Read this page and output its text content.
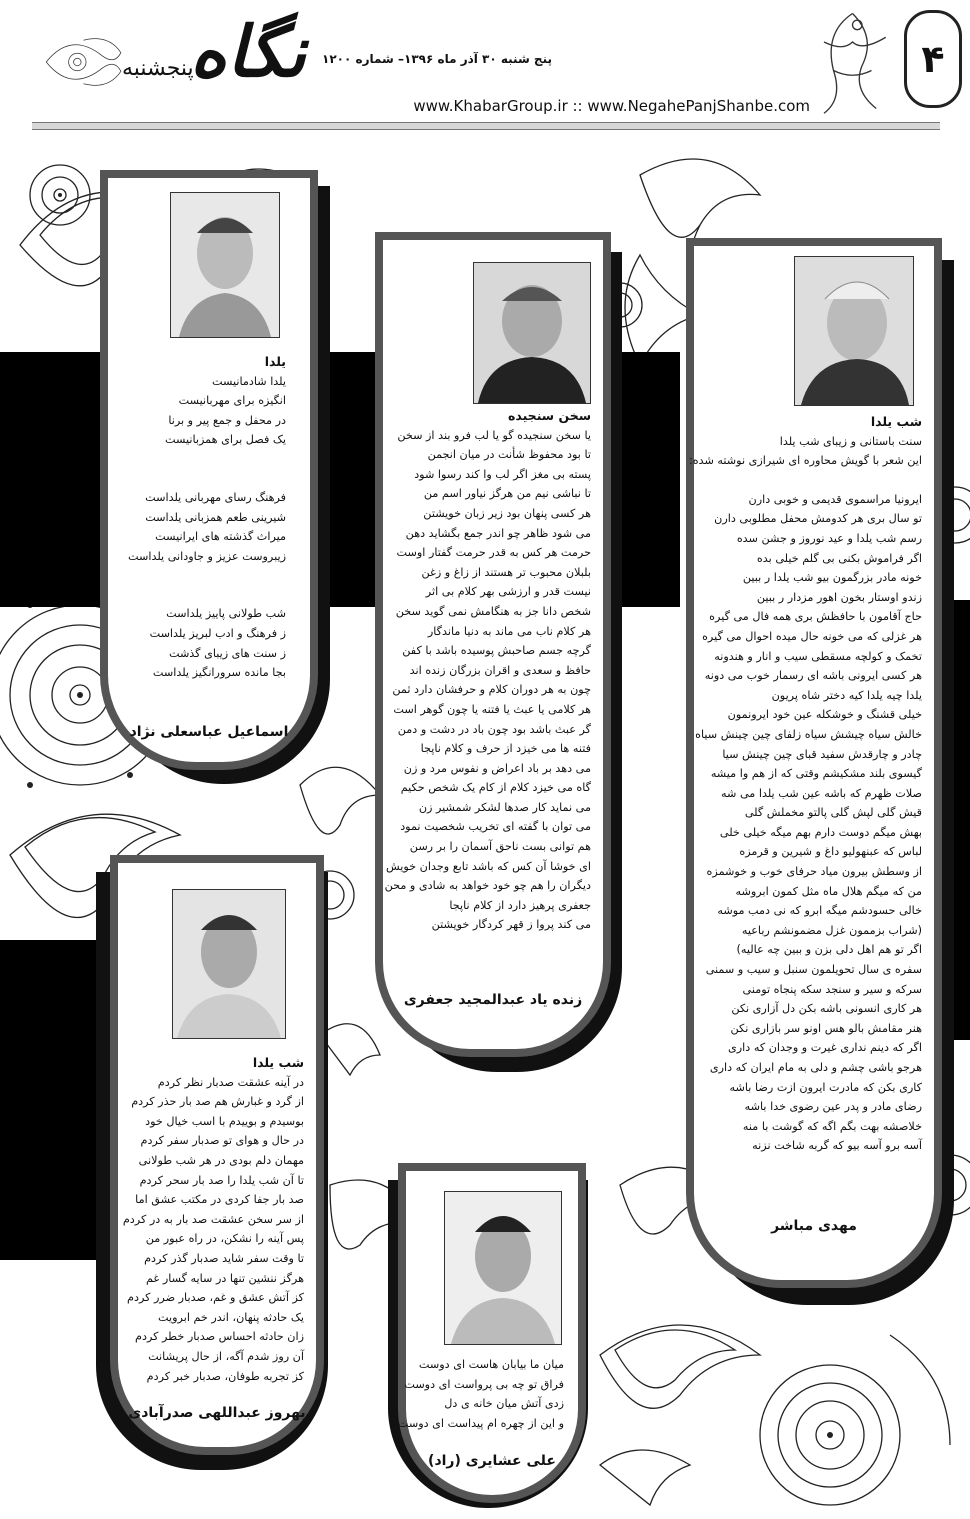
نگاه
پنجشنبه	پنج شنبه ۳۰ آذر ماه ۱۳۹۶– شماره ۱۲۰۰
www.KhabarGroup.ir :: www.NegahePanjShanbe.com
۴
یلدا
یلدا شادمانیست
انگیزه برای مهربانیست
در محفل و جمع پیر و برنا
یک فصل برای همزبانیست
فرهنگ رسای مهربانی یلداست
شیرینی طعم همزبانی یلداست
میراث گذشته های ایرانیست
زیبروست عزیز و جاودانی یلداست
شب طولانی پاییز یلداست
ز فرهنگ و ادب لبریز یلداست
ز سنت های زیبای گذشت
بجا مانده سرورانگیز یلداست
اسماعیل عباسعلی نژاد
سخن سنجیده
یا سخن سنجیده گو یا لب فرو بند از سخن
تا بود محفوظ شأنت در میان انجمن
پسته بی مغز اگر لب وا کند رسوا شود
تا نباشی نیم من هرگز نیاور اسم من
هر کسی پنهان بود زیر زبان خویشتن
می شود ظاهر چو اندر جمع بگشاید دهن
حرمت هر کس به قدر حرمت گفتار اوست
بلبلان محبوب تر هستند از زاغ و زغن
نیست قدر و ارزشی بهر کلام بی اثر
شخص دانا جز به هنگامش نمی گوید سخن
هر کلام ناب می ماند به دنیا ماندگار
گرچه جسم صاحبش پوسیده باشد با کفن
حافظ و سعدی و اقران بزرگان زنده اند
چون به هر دوران کلام و حرفشان دارد ثمن
هر کلامی یا عبث یا فتنه یا چون گوهر است
گر عبث باشد بود چون باد در دشت و دمن
فتنه ها می خیزد از حرف و کلام ناپجا
می دهد بر باد اعراض و نفوس مرد و زن
گاه می خیزد کلام از کام یک شخص حکیم
می نماید کار صدها لشکر شمشیر زن
می توان با گفته ای تخریب شخصیت نمود
هم توانی بست ناحق آسمان را بر رسن
ای خوشا آن کس که باشد تابع وجدان خویش
دیگران را هم چو خود خواهد به شادی و محن
جعفری پرهیز دارد از کلام ناپجا
می کند پروا ز قهر کردگار خویشتن
زنده یاد عبدالمجید جعفری
شب یلدا
سنت باستانی و زیبای شب یلدا
این شعر با گویش محاوره ای شیرازی نوشته شده:
ایرونیا مراسموی قدیمی و خوبی دارن
تو سال بری هر کدومش محفل مطلوبی دارن
رسم شب یلدا و عید نوروز و جشن سده
اگر فراموش بکنی بی گلم خیلی بده
خونه مادر بزرگمون بیو شب یلدا ر ببین
زندو اوستار بخون اهور مزدار ر ببین
حاج آقامون با حافظش بری همه فال می گیره
هر غزلی که می خونه حال میده احوال می گیره
تخمک و کولچه مسقطی سیب و انار و هندونه
هر کسی ایرونی باشه ای رسمار خوب می دونه
یلدا چیه یلدا کیه دختر شاه پریون
خیلی قشنگ و خوشکله عین خود ایرونمون
خالش سیاه چیشش سیاه زلفای چین چینش سیاه
چادر و چارقدش سفید قبای چین چینش سیا
گیسوی بلند مشکیشم وقتی که از هم وا میشه
صلات ظهرم که باشه عین شب یلدا می شه
قیش گلی لپش گلی پالتو مخملش گلی
بهش میگم دوست دارم بهم میگه خیلی خلی
لباس که عبنهولیو داغ و شیرین و قرمزه
از وسطش بیرون میاد حرفای خوب و خوشمزه
من که میگم هلال ماه مثل کمون ابروشه
خالی حسودشم میگه ابرو که نی دمب موشه
(شراب بزممون غزل مضمونشم رباعیه
اگر تو هم اهل دلی بزن و ببین چه عالیه)
سفره ی سال تحویلمون سنبل و سیب و سمنی
سرکه و سیر و سنجد سکه پنجاه تومنی
هر کاری انسونی باشه بکن دل آزاری نکن
هنر مقامش بالو هس اونو سر بازاری نکن
اگر که دینم نداری غیرت و وجدان که داری
هرجو باشی چشم و دلی به مام ایران که داری
کاری بکن که مادرت ایرون ازت رضا باشه
رضای مادر و پدر عین رضوی خدا باشه
خلاصشه بهت بگم اگه که گوشت با منه
آسه برو آسه بیو که گربه شاخت نزنه
مهدی مباشر
شب یلدا
در آینه عشقت صدبار نظر کردم
از گرد و غبارش هم صد بار حذر کردم
بوسیدم و بوییدم با اسب خیال خود
در حال و هوای تو صدبار سفر کردم
مهمان دلم بودی در هر شب طولانی
تا آن شب یلدا را صد بار سحر کردم
صد بار جفا کردی در مکتب عشق اما
از سر سخن عشقت صد بار به در کردم
پس آینه را نشکن، در راه عبور من
تا وقت سفر شاید صدبار گذر کردم
هرگز ننشین تنها در سایه گسار غم
کز آتش عشق و غم، صدبار ضرر کردم
یک حادثه پنهان، اندر خم ابرویت
زان حادثه احساس صدبار خطر کردم
آن روز شدم آگه، از حال پریشانت
کز تجربه طوفان، صدبار خبر کردم
بهروز عبداللهی صدرآبادی
میان ما بیابان هاست ای دوست
فراق تو چه بی پرواست ای دوست
زدی آتش میان خانه ی دل
و این از چهره ام پیداست ای دوست
علی عشایری (راد)
